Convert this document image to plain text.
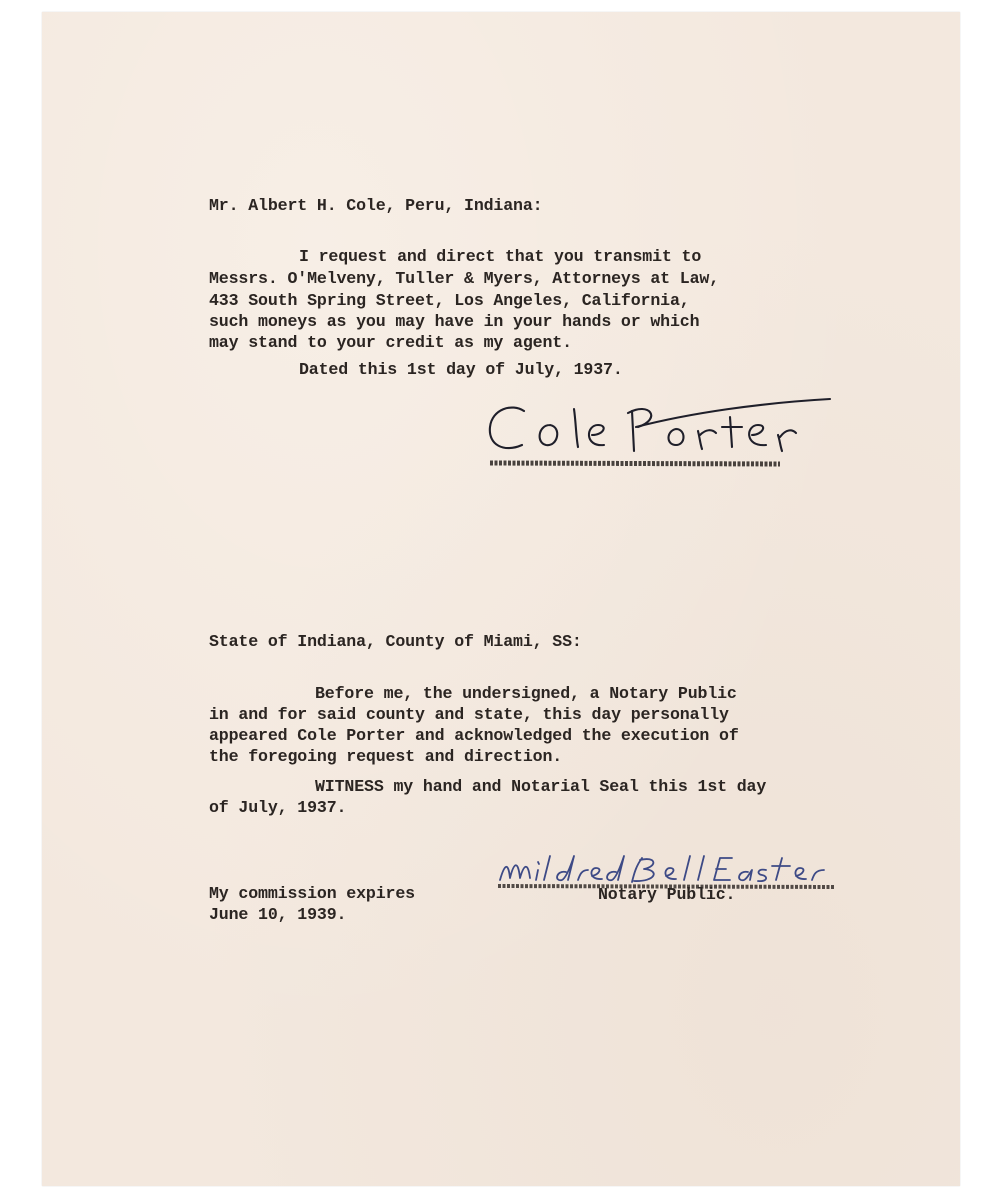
Mr. Albert H. Cole, Peru, Indiana:

I request and direct that you transmit to

Messrs. O'Melveny, Tuller & Myers, Attorneys at Law,

433 South Spring Street, Los Angeles, California,

such moneys as you may have in your hands or which

may stand to your credit as my agent.

Dated this 1st day of July, 1937.

State of Indiana, County of Miami, SS:

Before me, the undersigned, a Notary Public

in and for said county and state, this day personally

appeared Cole Porter and acknowledged the execution of

the foregoing request and direction.

WITNESS my hand and Notarial Seal this 1st day

of July, 1937.

My commission expires

June 10, 1939.

Notary Public.
